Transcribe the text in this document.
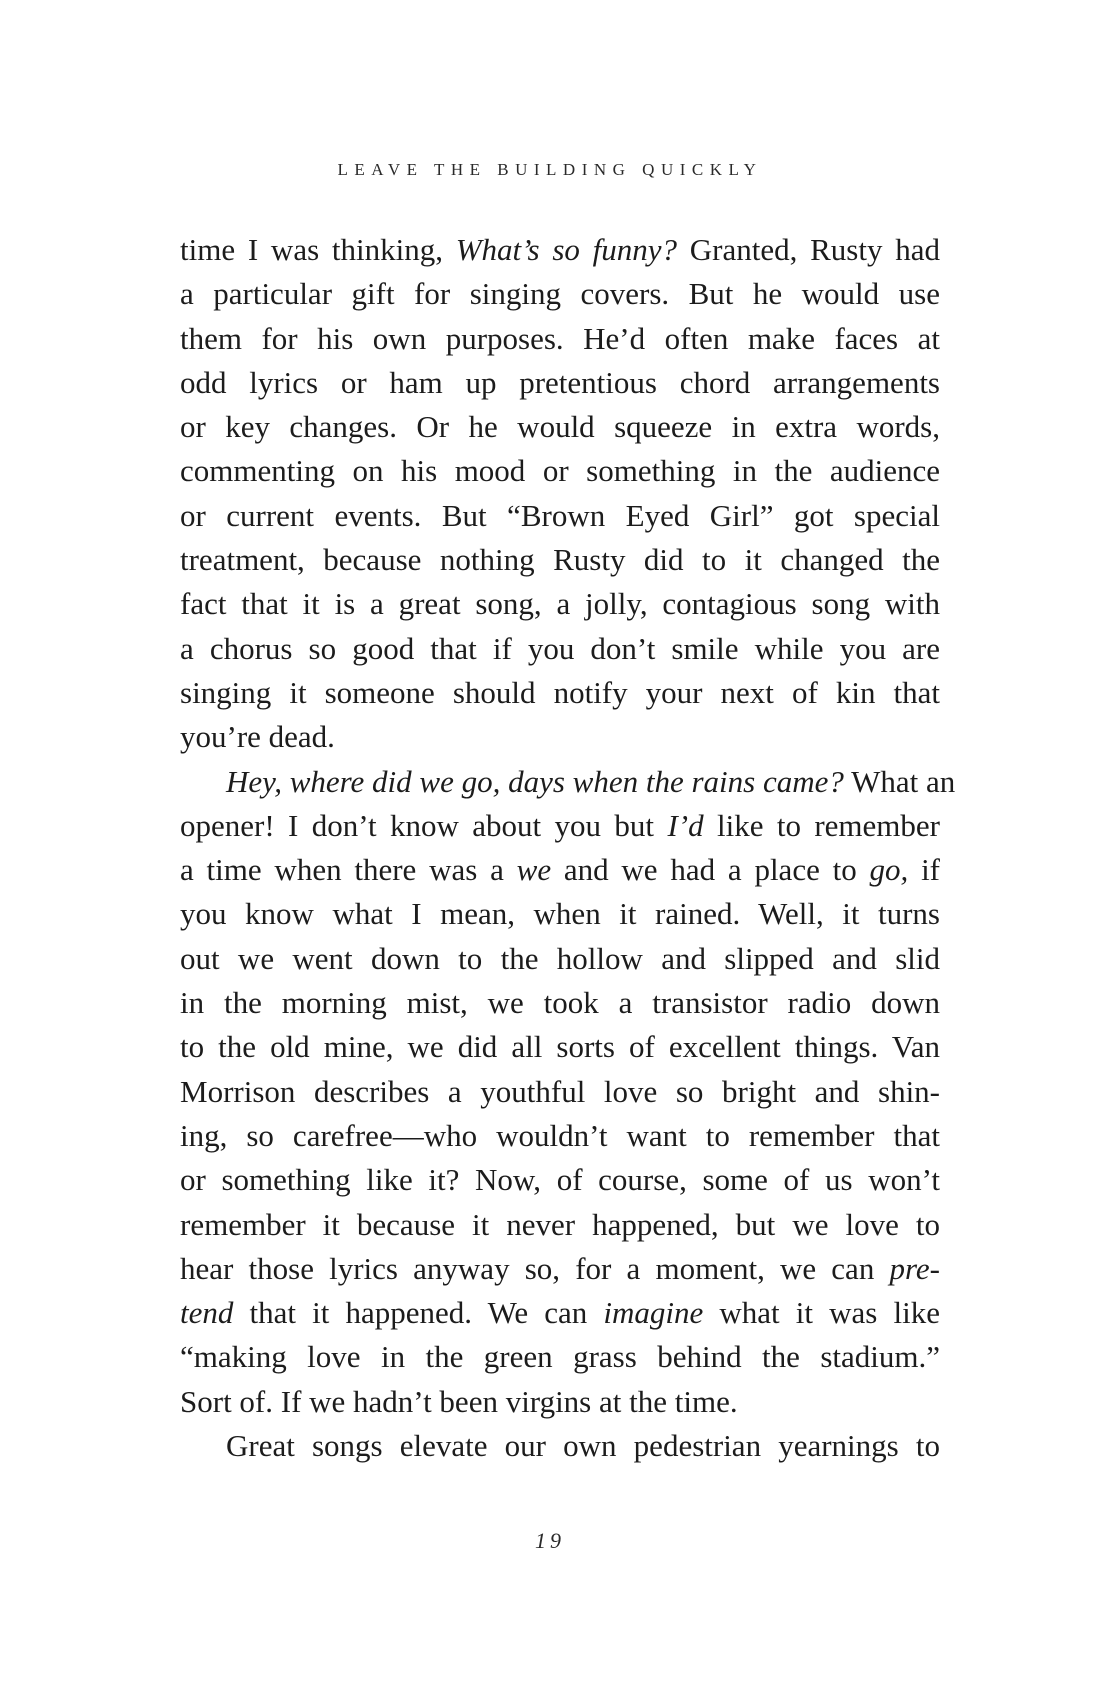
LEAVE THE BUILDING QUICKLY
time I was thinking, What’s so funny? Granted, Rusty had
a particular gift for singing covers. But he would use
them for his own purposes. He’d often make faces at
odd lyrics or ham up pretentious chord arrangements
or key changes. Or he would squeeze in extra words,
commenting on his mood or something in the audience
or current events. But “Brown Eyed Girl” got special
treatment, because nothing Rusty did to it changed the
fact that it is a great song, a jolly, contagious song with
a chorus so good that if you don’t smile while you are
singing it someone should notify your next of kin that
you’re dead.
Hey, where did we go, days when the rains came? What an
opener! I don’t know about you but I’d like to remember
a time when there was a we and we had a place to go, if
you know what I mean, when it rained. Well, it turns
out we went down to the hollow and slipped and slid
in the morning mist, we took a transistor radio down
to the old mine, we did all sorts of excellent things. Van
Morrison describes a youthful love so bright and shin-
ing, so carefree—who wouldn’t want to remember that
or something like it? Now, of course, some of us won’t
remember it because it never happened, but we love to
hear those lyrics anyway so, for a moment, we can pre-
tend that it happened. We can imagine what it was like
“making love in the green grass behind the stadium.”
Sort of. If we hadn’t been virgins at the time.
Great songs elevate our own pedestrian yearnings to
19
